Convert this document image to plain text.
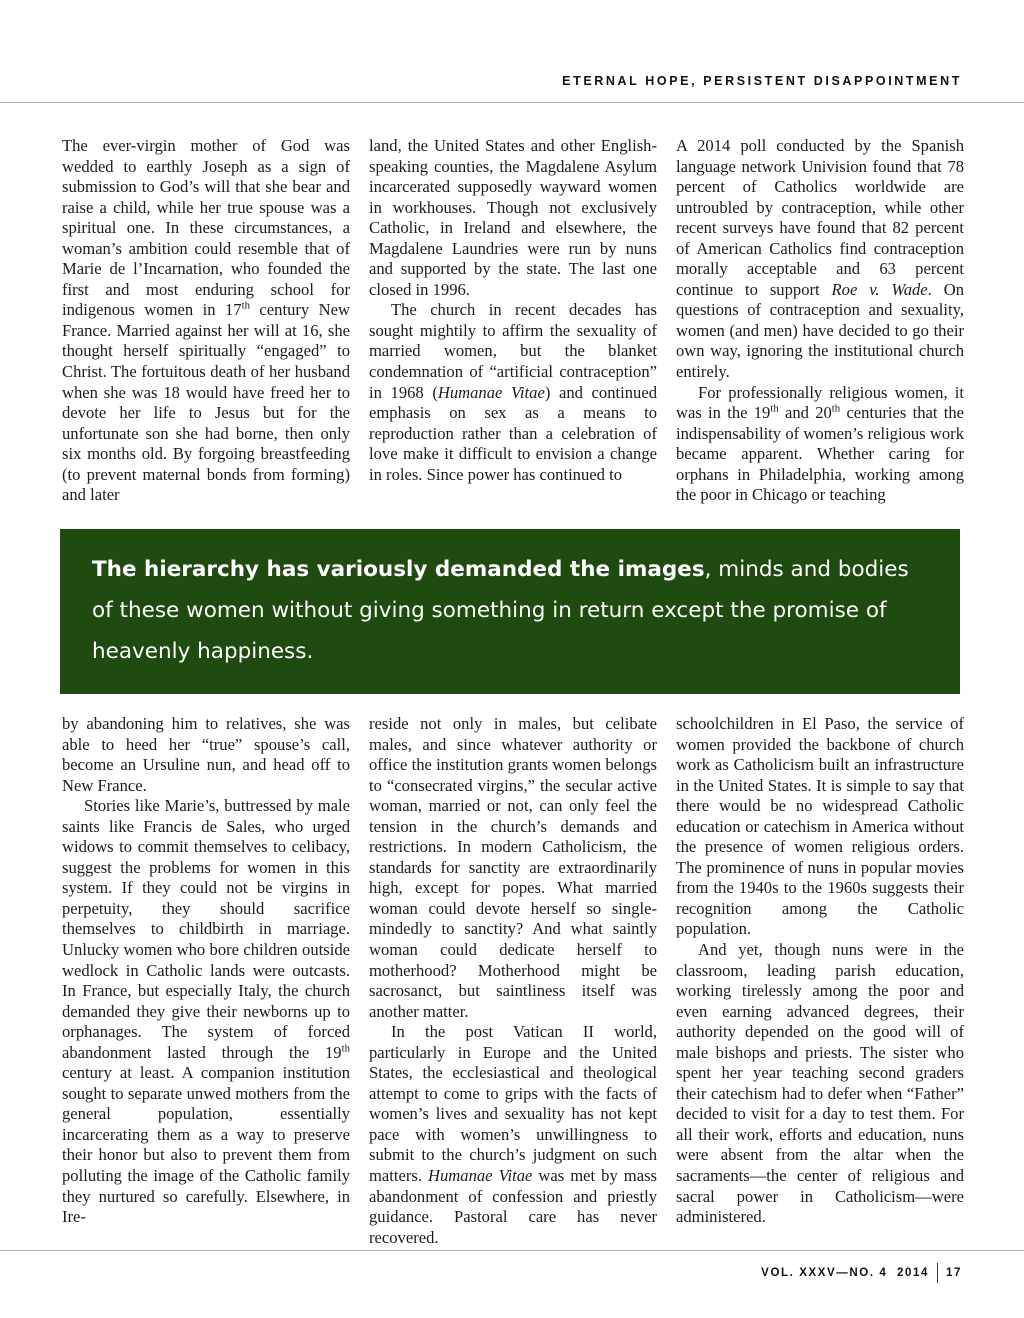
ETERNAL HOPE, PERSISTENT DISAPPOINTMENT

The ever-virgin mother of God was wedded to earthly Joseph as a sign of submission to God’s will that she bear and raise a child, while her true spouse was a spiritual one. In these circumstances, a woman’s ambition could resemble that of Marie de l’Incarnation, who founded the first and most enduring school for indigenous women in 17th century New France. Married against her will at 16, she thought herself spiritually “engaged” to Christ. The fortuitous death of her husband when she was 18 would have freed her to devote her life to Jesus but for the unfortunate son she had borne, then only six months old. By forgoing breastfeeding (to prevent maternal bonds from forming) and later

land, the United States and other English-speaking counties, the Magdalene Asylum incarcerated supposedly wayward women in workhouses. Though not exclusively Catholic, in Ireland and elsewhere, the Magdalene Laundries were run by nuns and supported by the state. The last one closed in 1996.

The church in recent decades has sought mightily to affirm the sexuality of married women, but the blanket condemnation of “artificial contraception” in 1968 (Humanae Vitae) and continued emphasis on sex as a means to reproduction rather than a celebration of love make it difficult to envision a change in roles. Since power has continued to

A 2014 poll conducted by the Spanish language network Univision found that 78 percent of Catholics worldwide are untroubled by contraception, while other recent surveys have found that 82 percent of American Catholics find contraception morally acceptable and 63 percent continue to support Roe v. Wade. On questions of contraception and sexuality, women (and men) have decided to go their own way, ignoring the institutional church entirely.

For professionally religious women, it was in the 19th and 20th centuries that the indispensability of women’s religious work became apparent. Whether caring for orphans in Philadelphia, working among the poor in Chicago or teaching

The hierarchy has variously demanded the images, minds and bodies of these women without giving something in return except the promise of heavenly happiness.

by abandoning him to relatives, she was able to heed her “true” spouse’s call, become an Ursuline nun, and head off to New France.

Stories like Marie’s, buttressed by male saints like Francis de Sales, who urged widows to commit themselves to celibacy, suggest the problems for women in this system. If they could not be virgins in perpetuity, they should sacrifice themselves to childbirth in marriage. Unlucky women who bore children outside wedlock in Catholic lands were outcasts. In France, but especially Italy, the church demanded they give their newborns up to orphanages. The system of forced abandonment lasted through the 19th century at least. A companion institution sought to separate unwed mothers from the general population, essentially incarcerating them as a way to preserve their honor but also to prevent them from polluting the image of the Catholic family they nurtured so carefully. Elsewhere, in Ire-

reside not only in males, but celibate males, and since whatever authority or office the institution grants women belongs to “consecrated virgins,” the secular active woman, married or not, can only feel the tension in the church’s demands and restrictions. In modern Catholicism, the standards for sanctity are extraordinarily high, except for popes. What married woman could devote herself so single-mindedly to sanctity? And what saintly woman could dedicate herself to motherhood? Motherhood might be sacrosanct, but saintliness itself was another matter.

In the post Vatican II world, particularly in Europe and the United States, the ecclesiastical and theological attempt to come to grips with the facts of women’s lives and sexuality has not kept pace with women’s unwillingness to submit to the church’s judgment on such matters. Humanae Vitae was met by mass abandonment of confession and priestly guidance. Pastoral care has never recovered.

schoolchildren in El Paso, the service of women provided the backbone of church work as Catholicism built an infrastructure in the United States. It is simple to say that there would be no widespread Catholic education or catechism in America without the presence of women religious orders. The prominence of nuns in popular movies from the 1940s to the 1960s suggests their recognition among the Catholic population.

And yet, though nuns were in the classroom, leading parish education, working tirelessly among the poor and even earning advanced degrees, their authority depended on the good will of male bishops and priests. The sister who spent her year teaching second graders their catechism had to defer when “Father” decided to visit for a day to test them. For all their work, efforts and education, nuns were absent from the altar when the sacraments—the center of religious and sacral power in Catholicism—were administered.

VOL. XXXV—NO. 4  2014 17
